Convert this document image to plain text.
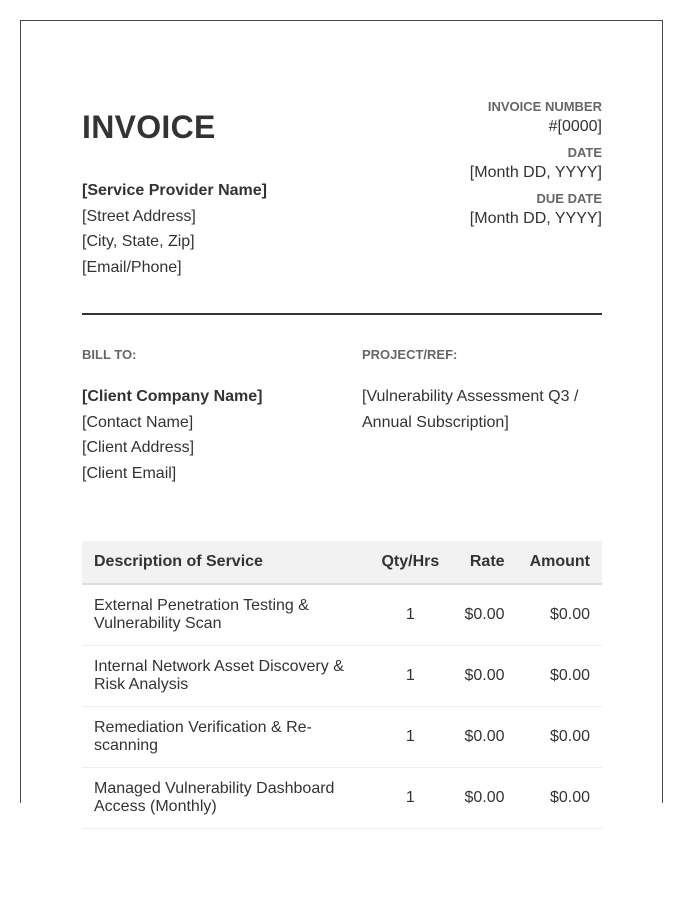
INVOICE
[Service Provider Name]
[Street Address]
[City, State, Zip]
[Email/Phone]
INVOICE NUMBER
#[0000]
DATE
[Month DD, YYYY]
DUE DATE
[Month DD, YYYY]
BILL TO:	PROJECT/REF:
[Client Company Name]
[Contact Name]
[Client Address]
[Client Email]
[Vulnerability Assessment Q3 / Annual Subscription]
Description of Service	Qty/Hrs	Rate	Amount
External Penetration Testing & Vulnerability Scan	1	$0.00	$0.00
Internal Network Asset Discovery & Risk Analysis	1	$0.00	$0.00
Remediation Verification & Re-scanning	1	$0.00	$0.00
Managed Vulnerability Dashboard Access (Monthly)	1	$0.00	$0.00
